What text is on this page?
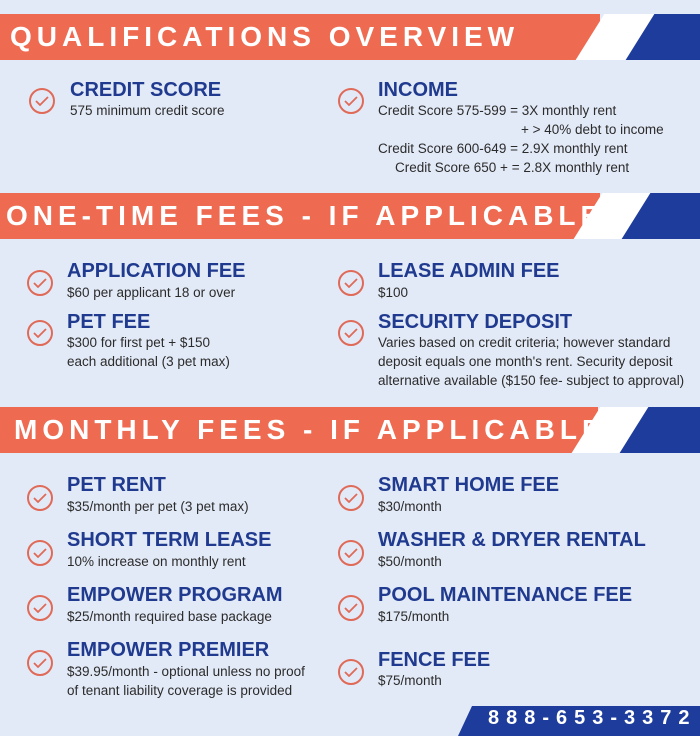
QUALIFICATIONS OVERVIEW
CREDIT SCORE
575 minimum credit score
INCOME
Credit Score 575-599 = 3X monthly rent
+ > 40% debt to income
Credit Score 600-649 = 2.9X monthly rent
Credit Score 650 + = 2.8X monthly rent
ONE-TIME FEES - IF APPLICABLE
APPLICATION FEE
$60 per applicant 18 or over
LEASE ADMIN FEE
$100
PET FEE
$300 for first pet + $150
each additional (3 pet max)
SECURITY DEPOSIT
Varies based on credit criteria; however standard
deposit equals one month's rent. Security deposit
alternative available ($150 fee- subject to approval)
MONTHLY FEES - IF APPLICABLE
PET RENT
$35/month per pet (3 pet max)
SMART HOME FEE
$30/month
SHORT TERM LEASE
10% increase on monthly rent
WASHER & DRYER RENTAL
$50/month
EMPOWER PROGRAM
$25/month required base package
POOL MAINTENANCE FEE
$175/month
EMPOWER PREMIER
$39.95/month - optional unless no proof
of tenant liability coverage is provided
FENCE FEE
$75/month
888-653-3372
